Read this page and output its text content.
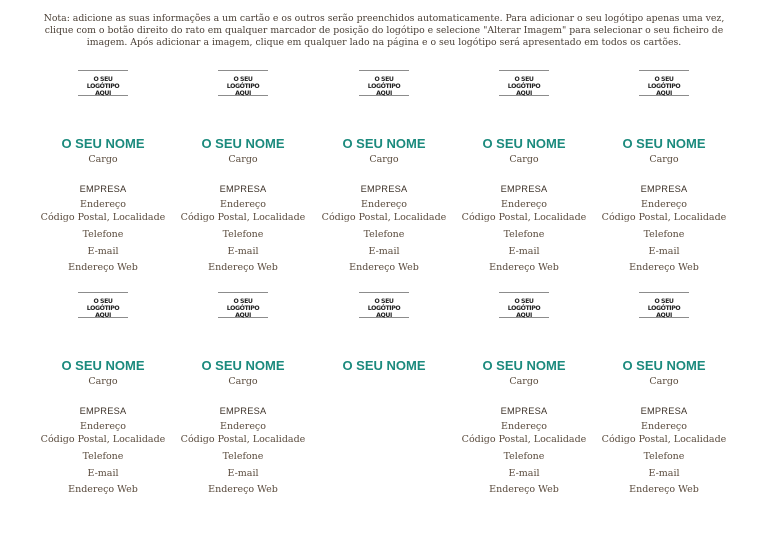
Nota: adicione as suas informações a um cartão e os outros serão preenchidos automaticamente. Para adicionar o seu logótipo apenas uma vez, clique com o botão direito do rato em qualquer marcador de posição do logótipo e selecione "Alterar Imagem" para selecionar o seu ficheiro de imagem. Após adicionar a imagem, clique em qualquer lado na página e o seu logótipo será apresentado em todos os cartões.
O SEU LOGÓTIPO
AQUI
O SEU NOME
Cargo
EMPRESA
Endereço
Código Postal, Localidade
Telefone
E-mail
Endereço Web
O SEU LOGÓTIPO
AQUI
O SEU NOME
Cargo
EMPRESA
Endereço
Código Postal, Localidade
Telefone
E-mail
Endereço Web
O SEU LOGÓTIPO
AQUI
O SEU NOME
Cargo
EMPRESA
Endereço
Código Postal, Localidade
Telefone
E-mail
Endereço Web
O SEU LOGÓTIPO
AQUI
O SEU NOME
Cargo
EMPRESA
Endereço
Código Postal, Localidade
Telefone
E-mail
Endereço Web
O SEU LOGÓTIPO
AQUI
O SEU NOME
Cargo
EMPRESA
Endereço
Código Postal, Localidade
Telefone
E-mail
Endereço Web
O SEU LOGÓTIPO
AQUI
O SEU NOME
Cargo
EMPRESA
Endereço
Código Postal, Localidade
Telefone
E-mail
Endereço Web
O SEU LOGÓTIPO
AQUI
O SEU NOME
Cargo
EMPRESA
Endereço
Código Postal, Localidade
Telefone
E-mail
Endereço Web
O SEU LOGÓTIPO
AQUI
O SEU NOME
O SEU LOGÓTIPO
AQUI
O SEU NOME
Cargo
EMPRESA
Endereço
Código Postal, Localidade
Telefone
E-mail
Endereço Web
O SEU LOGÓTIPO
AQUI
O SEU NOME
Cargo
EMPRESA
Endereço
Código Postal, Localidade
Telefone
E-mail
Endereço Web
